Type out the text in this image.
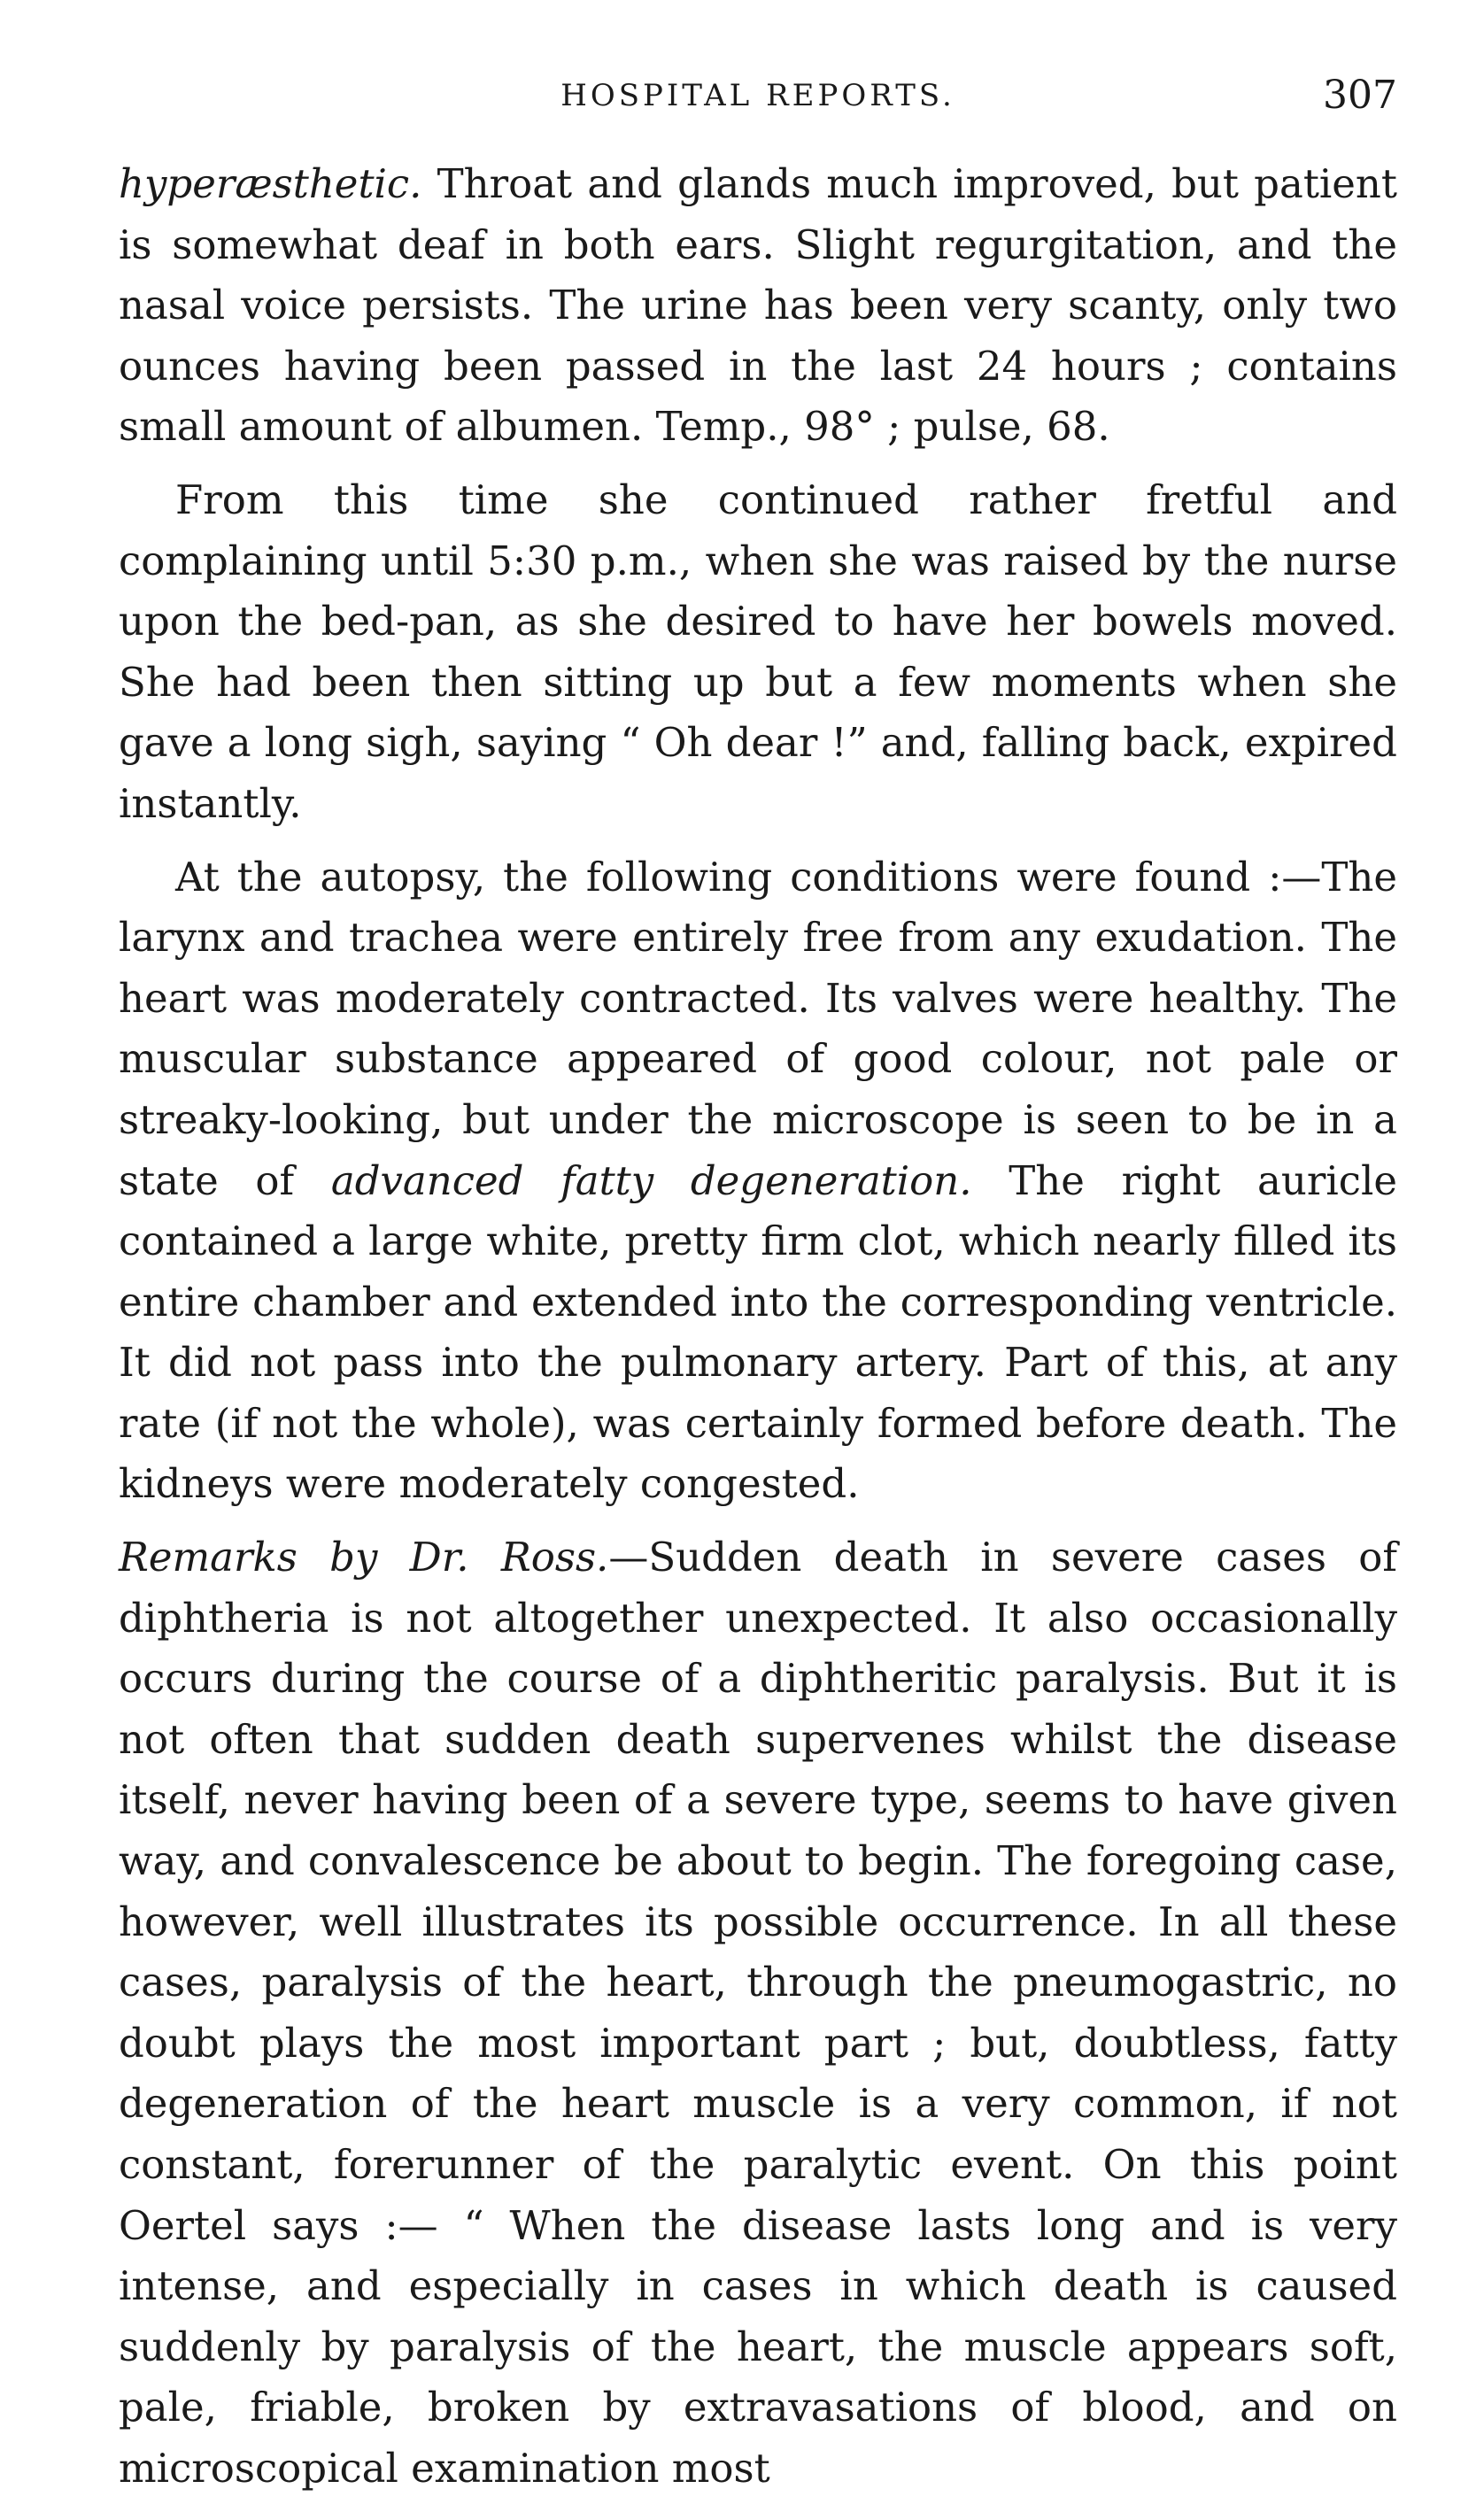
HOSPITAL REPORTS.	307

hyperæsthetic. Throat and glands much improved, but patient is somewhat deaf in both ears. Slight regurgitation, and the nasal voice persists. The urine has been very scanty, only two ounces having been passed in the last 24 hours ; contains small amount of albumen. Temp., 98° ; pulse, 68.

From this time she continued rather fretful and complaining until 5:30 p.m., when she was raised by the nurse upon the bed-pan, as she desired to have her bowels moved. She had been then sitting up but a few moments when she gave a long sigh, saying “ Oh dear !” and, falling back, expired instantly.

At the autopsy, the following conditions were found :—The larynx and trachea were entirely free from any exudation. The heart was moderately contracted. Its valves were healthy. The muscular substance appeared of good colour, not pale or streaky-looking, but under the microscope is seen to be in a state of advanced fatty degeneration. The right auricle contained a large white, pretty firm clot, which nearly filled its entire chamber and extended into the corresponding ventricle. It did not pass into the pulmonary artery. Part of this, at any rate (if not the whole), was certainly formed before death. The kidneys were moderately congested.

Remarks by Dr. Ross.—Sudden death in severe cases of diphtheria is not altogether unexpected. It also occasionally occurs during the course of a diphtheritic paralysis. But it is not often that sudden death supervenes whilst the disease itself, never having been of a severe type, seems to have given way, and convalescence be about to begin. The foregoing case, however, well illustrates its possible occurrence. In all these cases, paralysis of the heart, through the pneumogastric, no doubt plays the most important part ; but, doubtless, fatty degeneration of the heart muscle is a very common, if not constant, forerunner of the paralytic event. On this point Oertel says :— “ When the disease lasts long and is very intense, and especially in cases in which death is caused suddenly by paralysis of the heart, the muscle appears soft, pale, friable, broken by extravasations of blood, and on microscopical examination most
